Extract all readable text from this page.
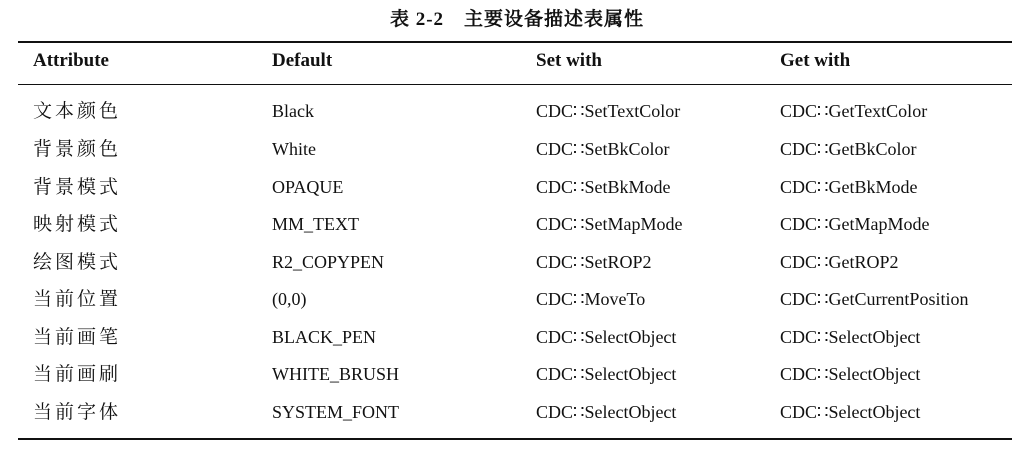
表 2-2　主要设备描述表属性
Attribute	Default	Set with	Get with
文本颜色	Black	CDC∷SetTextColor	CDC∷GetTextColor
背景颜色	White	CDC∷SetBkColor	CDC∷GetBkColor
背景模式	OPAQUE	CDC∷SetBkMode	CDC∷GetBkMode
映射模式	MM_TEXT	CDC∷SetMapMode	CDC∷GetMapMode
绘图模式	R2_COPYPEN	CDC∷SetROP2	CDC∷GetROP2
当前位置	(0,0)	CDC∷MoveTo	CDC∷GetCurrentPosition
当前画笔	BLACK_PEN	CDC∷SelectObject	CDC∷SelectObject
当前画刷	WHITE_BRUSH	CDC∷SelectObject	CDC∷SelectObject
当前字体	SYSTEM_FONT	CDC∷SelectObject	CDC∷SelectObject
